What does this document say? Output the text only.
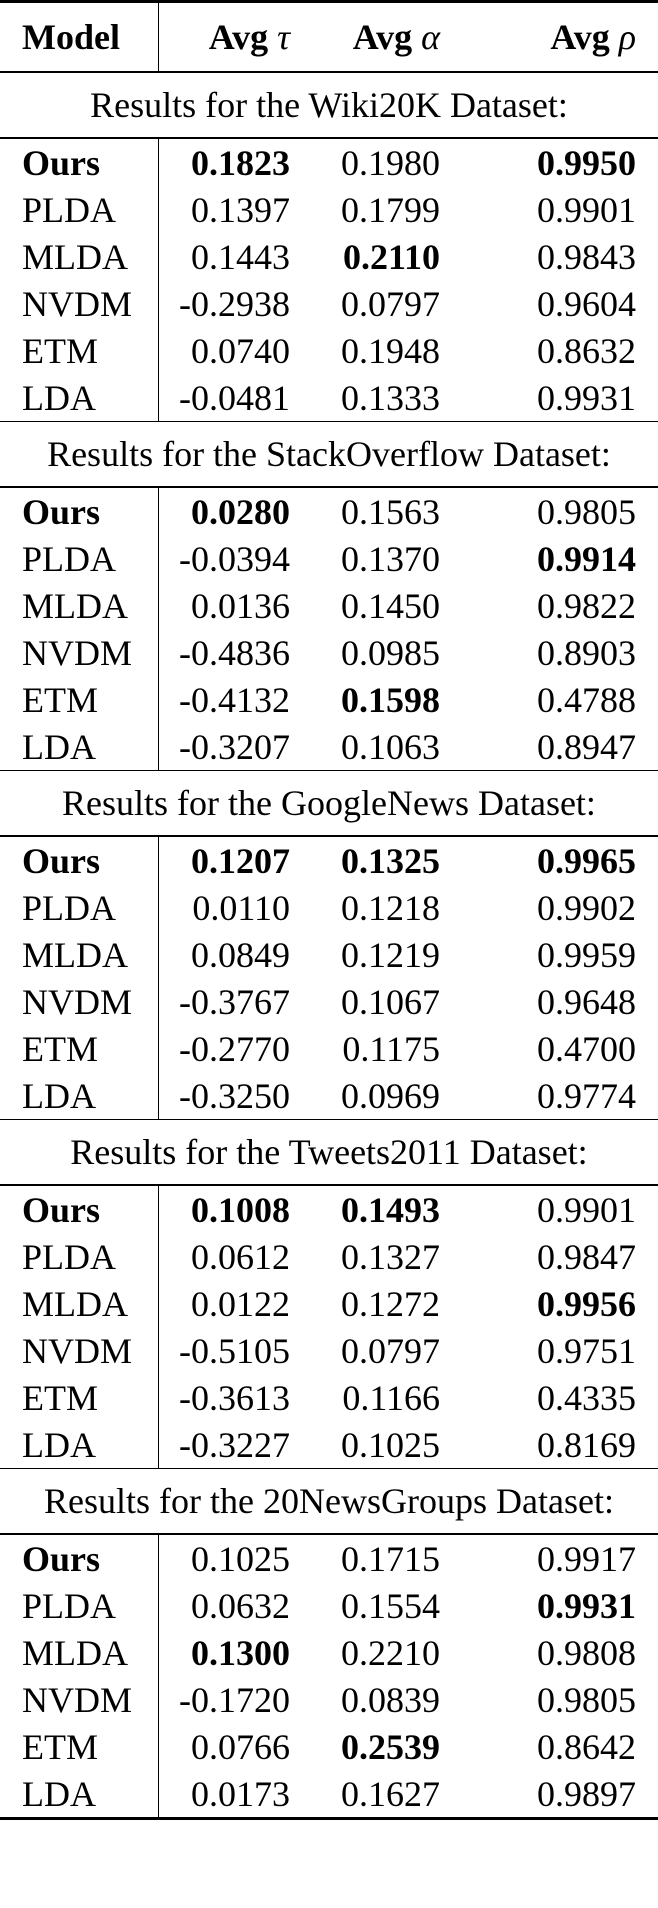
Model	Avg τ	Avg α	Avg ρ
Results for the Wiki20K Dataset:			
Ours	0.1823	0.1980	0.9950
PLDA	0.1397	0.1799	0.9901
MLDA	0.1443	0.2110	0.9843
NVDM	-0.2938	0.0797	0.9604
ETM	0.0740	0.1948	0.8632
LDA	-0.0481	0.1333	0.9931
Results for the StackOverflow Dataset:			
Ours	0.0280	0.1563	0.9805
PLDA	-0.0394	0.1370	0.9914
MLDA	0.0136	0.1450	0.9822
NVDM	-0.4836	0.0985	0.8903
ETM	-0.4132	0.1598	0.4788
LDA	-0.3207	0.1063	0.8947
Results for the GoogleNews Dataset:			
Ours	0.1207	0.1325	0.9965
PLDA	0.0110	0.1218	0.9902
MLDA	0.0849	0.1219	0.9959
NVDM	-0.3767	0.1067	0.9648
ETM	-0.2770	0.1175	0.4700
LDA	-0.3250	0.0969	0.9774
Results for the Tweets2011 Dataset:			
Ours	0.1008	0.1493	0.9901
PLDA	0.0612	0.1327	0.9847
MLDA	0.0122	0.1272	0.9956
NVDM	-0.5105	0.0797	0.9751
ETM	-0.3613	0.1166	0.4335
LDA	-0.3227	0.1025	0.8169
Results for the 20NewsGroups Dataset:			
Ours	0.1025	0.1715	0.9917
PLDA	0.0632	0.1554	0.9931
MLDA	0.1300	0.2210	0.9808
NVDM	-0.1720	0.0839	0.9805
ETM	0.0766	0.2539	0.8642
LDA	0.0173	0.1627	0.9897
